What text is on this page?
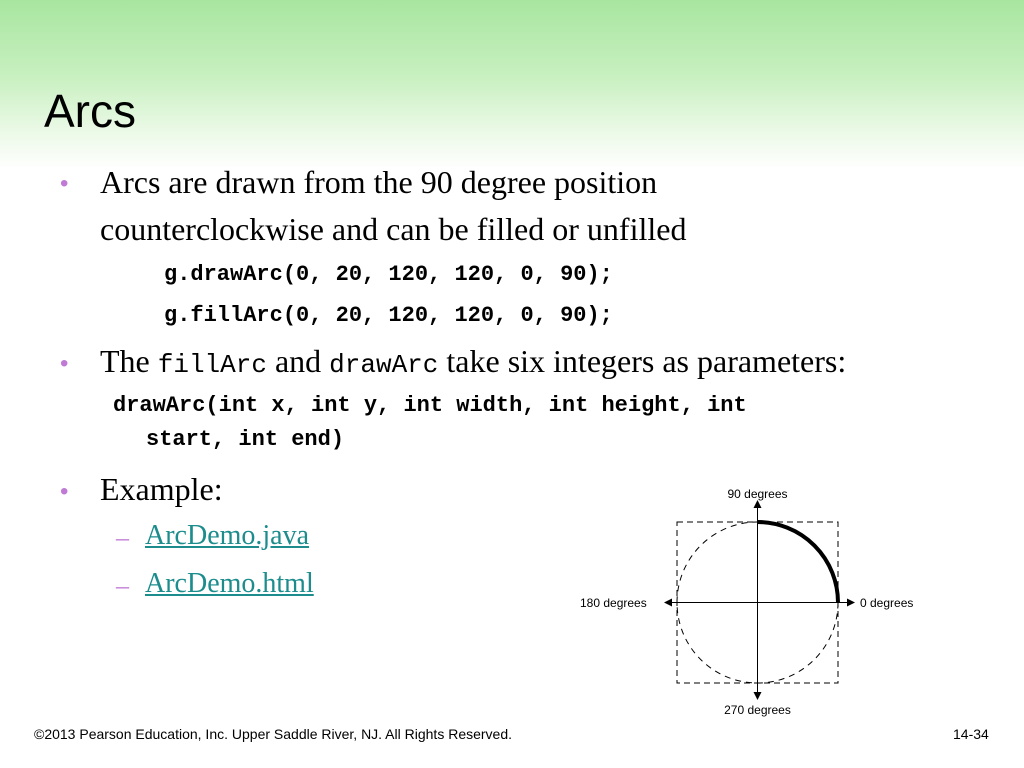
Arcs
• Arcs are drawn from the 90 degree position
counterclockwise and can be filled or unfilled
g.drawArc(0, 20, 120, 120, 0, 90);
g.fillArc(0, 20, 120, 120, 0, 90);
• The fillArc and drawArc take six integers as parameters:
drawArc(int x, int y, int width, int height, int
start, int end)
• Example:
– ArcDemo.java
– ArcDemo.html
90 degrees
0 degrees
180 degrees
270 degrees
©2013 Pearson Education, Inc. Upper Saddle River, NJ. All Rights Reserved.	14-34
